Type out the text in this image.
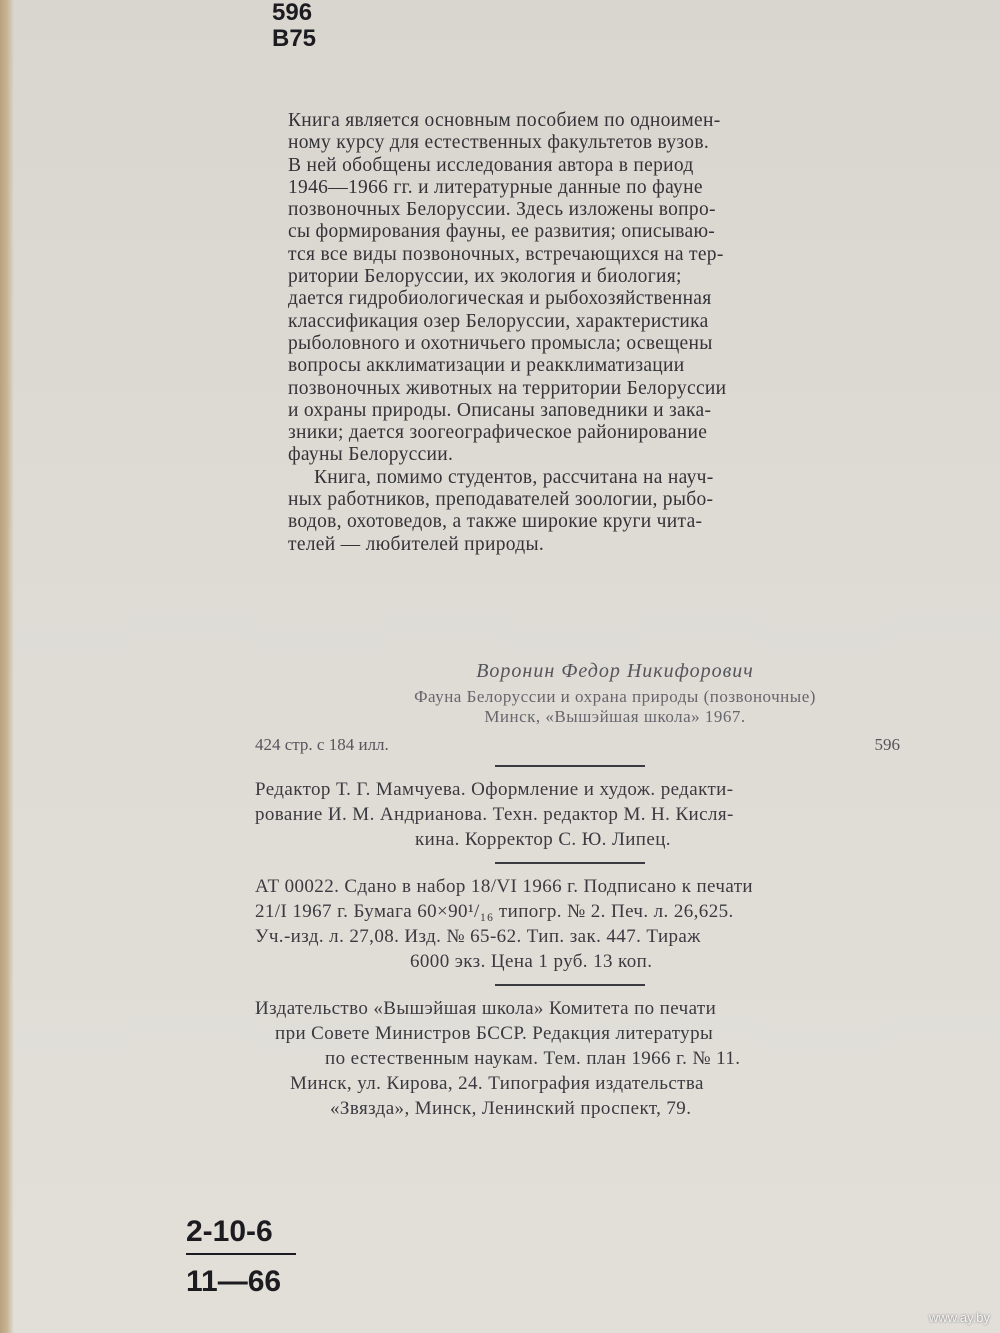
596
В75
Книга является основным пособием по одноимен-
ному курсу для естественных факультетов вузов.
В ней обобщены исследования автора в период
1946—1966 гг. и литературные данные по фауне
позвоночных Белоруссии. Здесь изложены вопро-
сы формирования фауны, ее развития; описываю-
тся все виды позвоночных, встречающихся на тер-
ритории Белоруссии, их экология и биология;
дается гидробиологическая и рыбохозяйственная
классификация озер Белоруссии, характеристика
рыболовного и охотничьего промысла; освещены
вопросы акклиматизации и реакклиматизации
позвоночных животных на территории Белоруссии
и охраны природы. Описаны заповедники и зака-
зники; дается зоогеографическое районирование
фауны Белоруссии.
Книга, помимо студентов, рассчитана на науч-
ных работников, преподавателей зоологии, рыбо-
водов, охотоведов, а также широкие круги чита-
телей — любителей природы.
Воронин Федор Никифорович
Фауна Белоруссии и охрана природы (позвоночные)
Минск, «Вышэйшая школа» 1967.
424 стр. с 184 илл.	596
Редактор Т. Г. Мамчуева. Оформление и худож. редакти-
рование И. М. Андрианова. Техн. редактор М. Н. Кисля-
кина. Корректор С. Ю. Липец.
АТ 00022. Сдано в набор 18/VI 1966 г. Подписано к печати
21/I 1967 г. Бумага 60×90¹/₁₆ типогр. № 2. Печ. л. 26,625.
Уч.-изд. л. 27,08. Изд. № 65-62. Тип. зак. 447. Тираж
6000 экз. Цена 1 руб. 13 коп.
Издательство «Вышэйшая школа» Комитета по печати
при Совете Министров БССР. Редакция литературы
по естественным наукам. Тем. план 1966 г. № 11.
Минск, ул. Кирова, 24. Типография издательства
«Звязда», Минск, Ленинский проспект, 79.
2-10-6
11—66
www.ay.by
